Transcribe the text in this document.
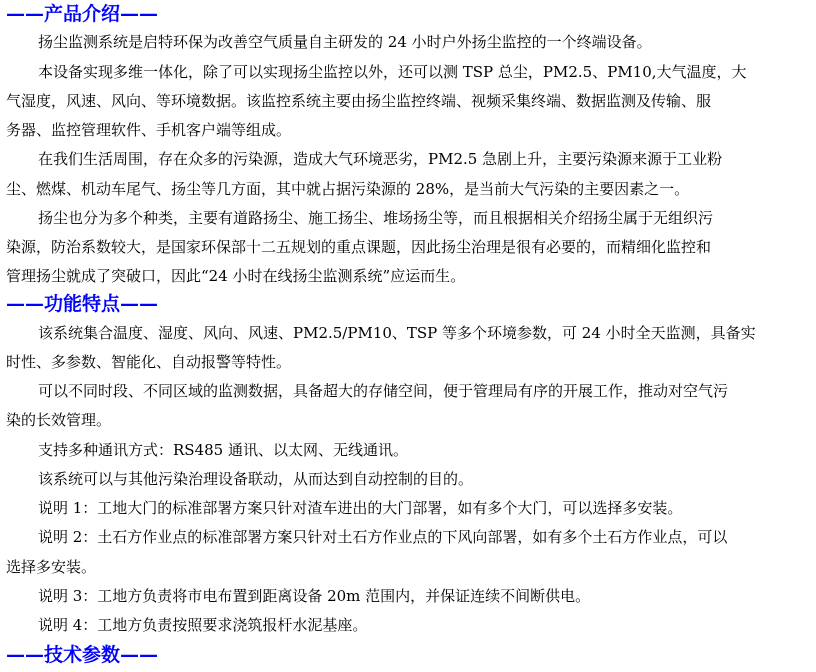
——产品介绍——
扬尘监测系统是启特环保为改善空气质量自主研发的 24 小时户外扬尘监控的一个终端设备。
本设备实现多维一体化，除了可以实现扬尘监控以外，还可以测 TSP 总尘，PM2.5、PM10,大气温度，大
气湿度，风速、风向、等环境数据。该监控系统主要由扬尘监控终端、视频采集终端、数据监测及传输、服
务器、监控管理软件、手机客户端等组成。
在我们生活周围，存在众多的污染源，造成大气环境恶劣，PM2.5 急剧上升，主要污染源来源于工业粉
尘、燃煤、机动车尾气、扬尘等几方面，其中就占据污染源的 28%，是当前大气污染的主要因素之一。
扬尘也分为多个种类，主要有道路扬尘、施工扬尘、堆场扬尘等，而且根据相关介绍扬尘属于无组织污
染源，防治系数较大，是国家环保部十二五规划的重点课题，因此扬尘治理是很有必要的，而精细化监控和
管理扬尘就成了突破口，因此“24 小时在线扬尘监测系统”应运而生。
——功能特点——
该系统集合温度、湿度、风向、风速、PM2.5/PM10、TSP 等多个环境参数，可 24 小时全天监测，具备实
时性、多参数、智能化、自动报警等特性。
可以不同时段、不同区域的监测数据，具备超大的存储空间，便于管理局有序的开展工作，推动对空气污
染的长效管理。
支持多种通讯方式：RS485 通讯、以太网、无线通讯。
该系统可以与其他污染治理设备联动，从而达到自动控制的目的。
说明 1：工地大门的标准部署方案只针对渣车进出的大门部署，如有多个大门，可以选择多安装。
说明 2：土石方作业点的标准部署方案只针对土石方作业点的下风向部署，如有多个土石方作业点，可以
选择多安装。
说明 3：工地方负责将市电布置到距离设备 20m 范围内，并保证连续不间断供电。
说明 4：工地方负责按照要求浇筑报杆水泥基座。
——技术参数——
